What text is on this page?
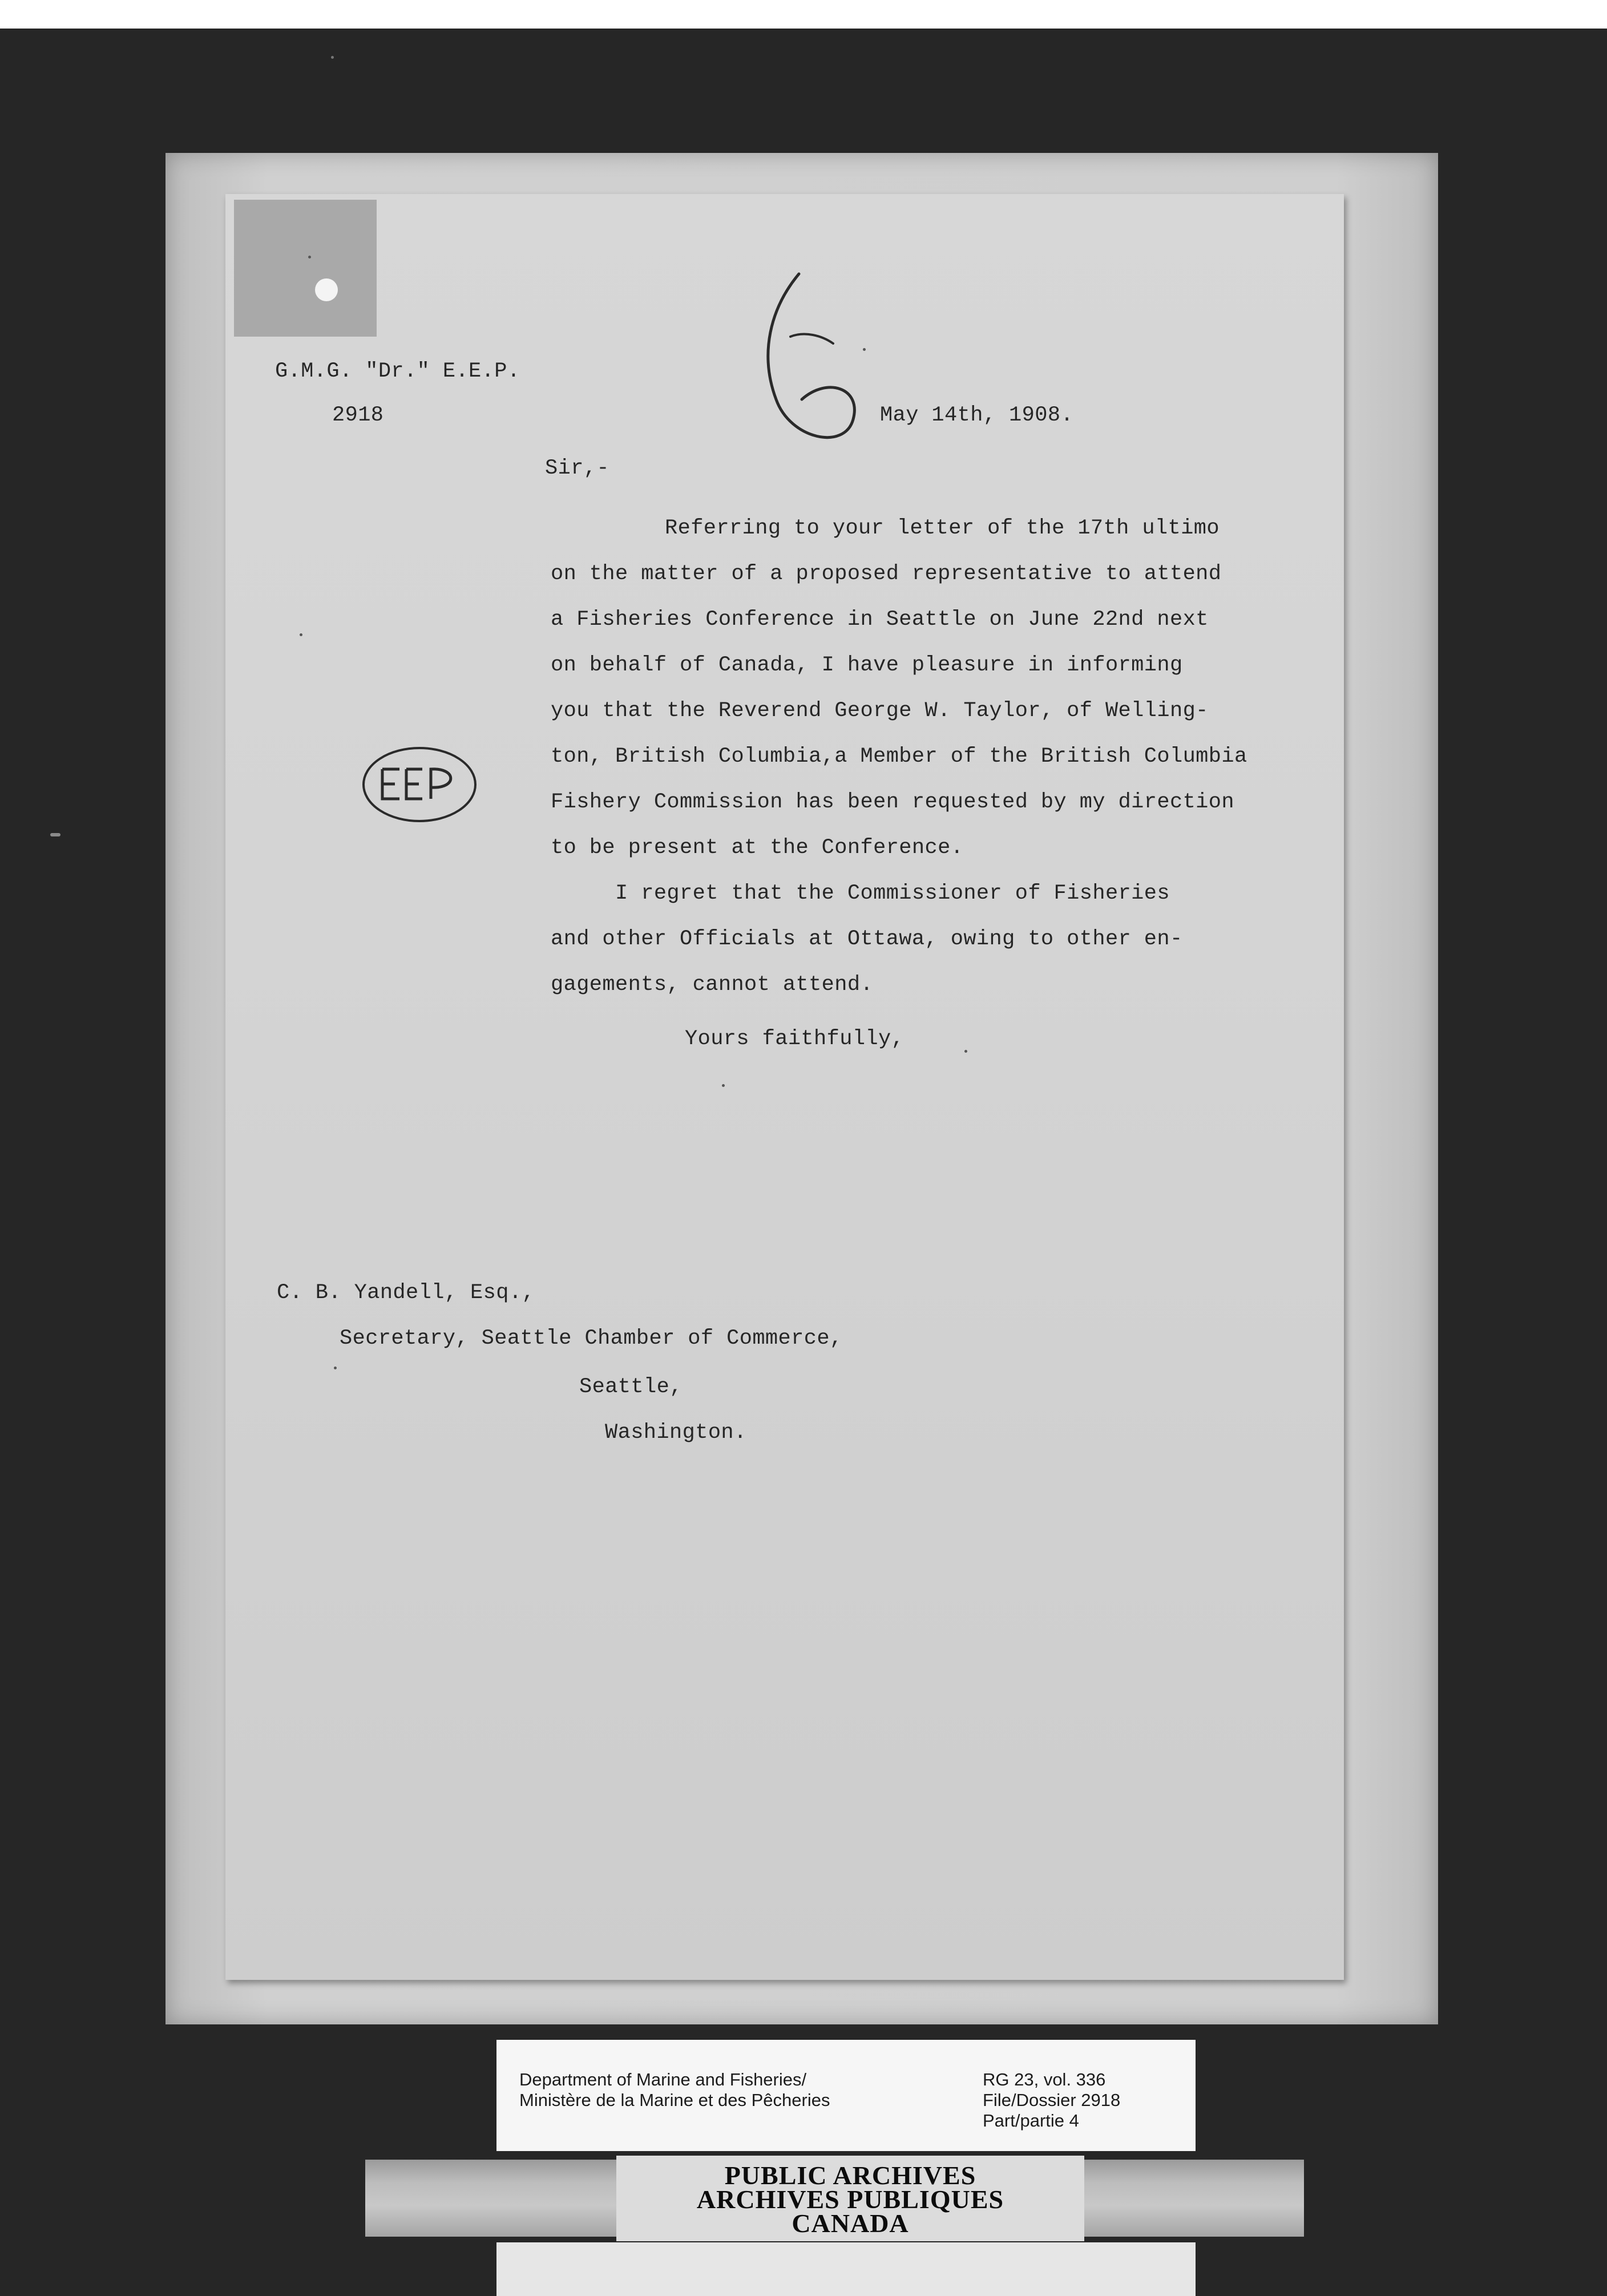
G.M.G. "Dr." E.E.P.
2918	May 14th, 1908.
Sir,-
Referring to your letter of the 17th ultimo
on the matter of a proposed representative to attend
a Fisheries Conference in Seattle on June 22nd next
on behalf of Canada, I have pleasure in informing
you that the Reverend George W. Taylor, of Welling-
ton, British Columbia,a Member of the British Columbia
Fishery Commission has been requested by my direction
to be present at the Conference.
I regret that the Commissioner of Fisheries
and other Officials at Ottawa, owing to other en-
gagements, cannot attend.
Yours faithfully,
C. B. Yandell, Esq.,
Secretary, Seattle Chamber of Commerce,
Seattle,
Washington.
Department of Marine and Fisheries/
Ministère de la Marine et des Pêcheries
RG 23, vol. 336
File/Dossier 2918
Part/partie 4
PUBLIC ARCHIVES
ARCHIVES PUBLIQUES
CANADA
